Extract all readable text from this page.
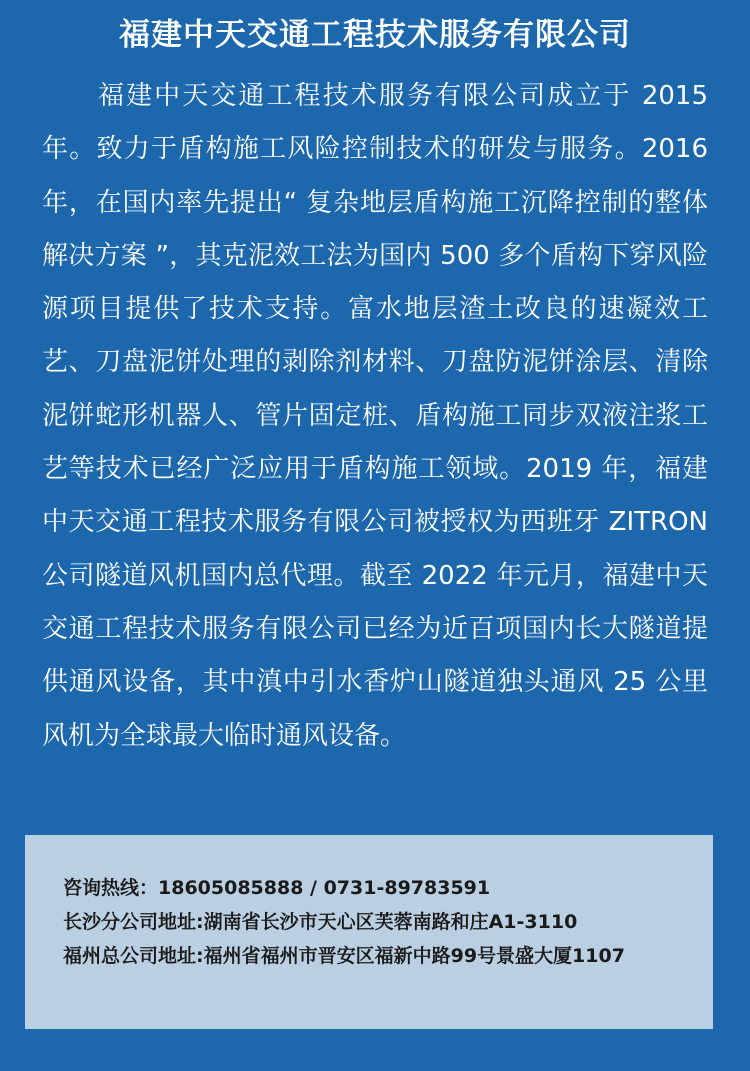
福建中天交通工程技术服务有限公司

福建中天交通工程技术服务有限公司成立于 2015 年。致力于盾构施工风险控制技术的研发与服务。2016 年，在国内率先提出“ 复杂地层盾构施工沉降控制的整体解决方案 ”，其克泥效工法为国内 500 多个盾构下穿风险源项目提供了技术支持。富水地层渣土改良的速凝效工艺、刀盘泥饼处理的剥除剂材料、刀盘防泥饼涂层、清除泥饼蛇形机器人、管片固定桩、盾构施工同步双液注浆工艺等技术已经广泛应用于盾构施工领域。2019 年，福建中天交通工程技术服务有限公司被授权为西班牙 ZITRON 公司隧道风机国内总代理。截至 2022 年元月，福建中天交通工程技术服务有限公司已经为近百项国内长大隧道提供通风设备，其中滇中引水香炉山隧道独头通风 25 公里风机为全球最大临时通风设备。

咨询热线：18605085888 / 0731-89783591
长沙分公司地址:湖南省长沙市天心区芙蓉南路和庄A1-3110
福州总公司地址:福州省福州市晋安区福新中路99号景盛大厦1107
